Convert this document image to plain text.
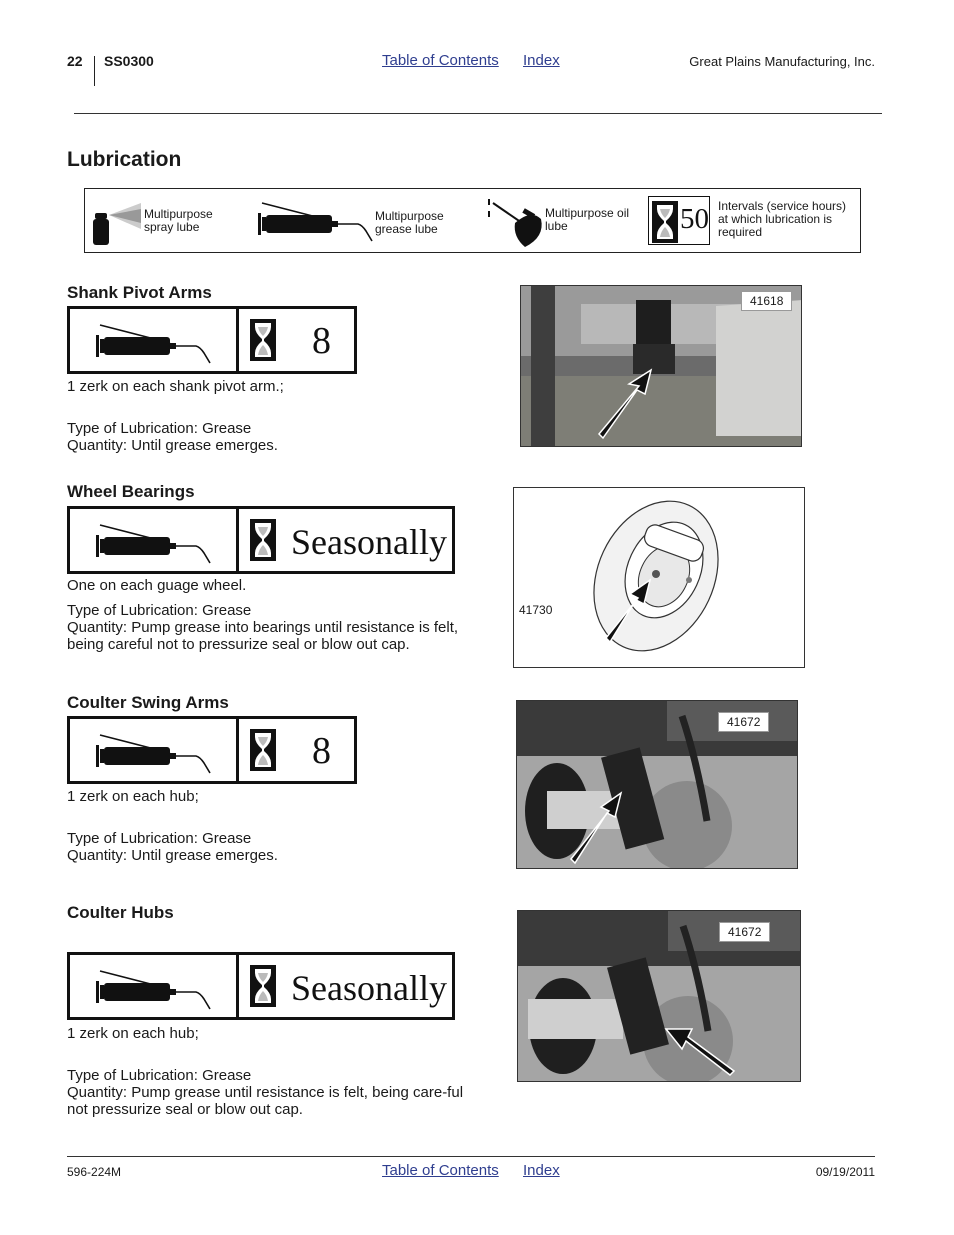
22 SS0300	Table of Contents Index	Great Plains Manufacturing, Inc.
Lubrication
Multipurpose spray lube
Multipurpose grease lube
Multipurpose oil lube	50 Intervals (service hours) at which lubrication is required
Shank Pivot Arms
8
1 zerk on each shank pivot arm.;
Type of Lubrication: Grease
Quantity: Until grease emerges.
41618
Wheel Bearings
Seasonally
One on each guage wheel.
Type of Lubrication: Grease
Quantity: Pump grease into bearings until resistance is felt, being careful not to pressurize seal or blow out cap.
41730
Coulter Swing Arms
8
1 zerk on each hub;
Type of Lubrication: Grease
Quantity: Until grease emerges.
41672
Coulter Hubs
Seasonally
1 zerk on each hub;
Type of Lubrication: Grease
Quantity: Pump grease until resistance is felt, being care-ful not pressurize seal or blow out cap.
41672
596-224M	Table of Contents Index	09/19/2011
